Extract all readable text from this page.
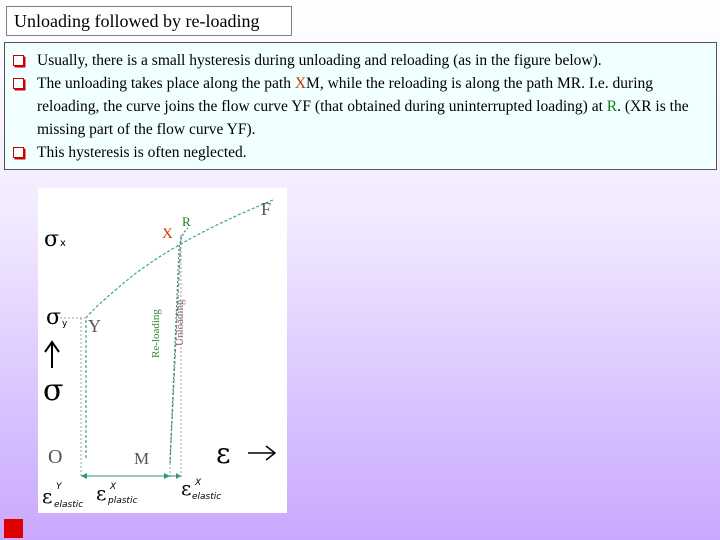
Unloading followed by re-loading
Usually, there is a small hysteresis during unloading and reloading (as in the figure below).
The unloading takes place along the path XM, while the reloading is along the path MR. I.e. during reloading, the curve joins the flow curve YF (that obtained during uninterrupted loading) at R. (XR is the missing part of the flow curve YF).
This hysteresis is often neglected.
σ x
σ y
σ
ε
O
Y
M
X
R
F
Re-loading Unloading
ε Y
elastic ε X
plastic
ε X
elastic
